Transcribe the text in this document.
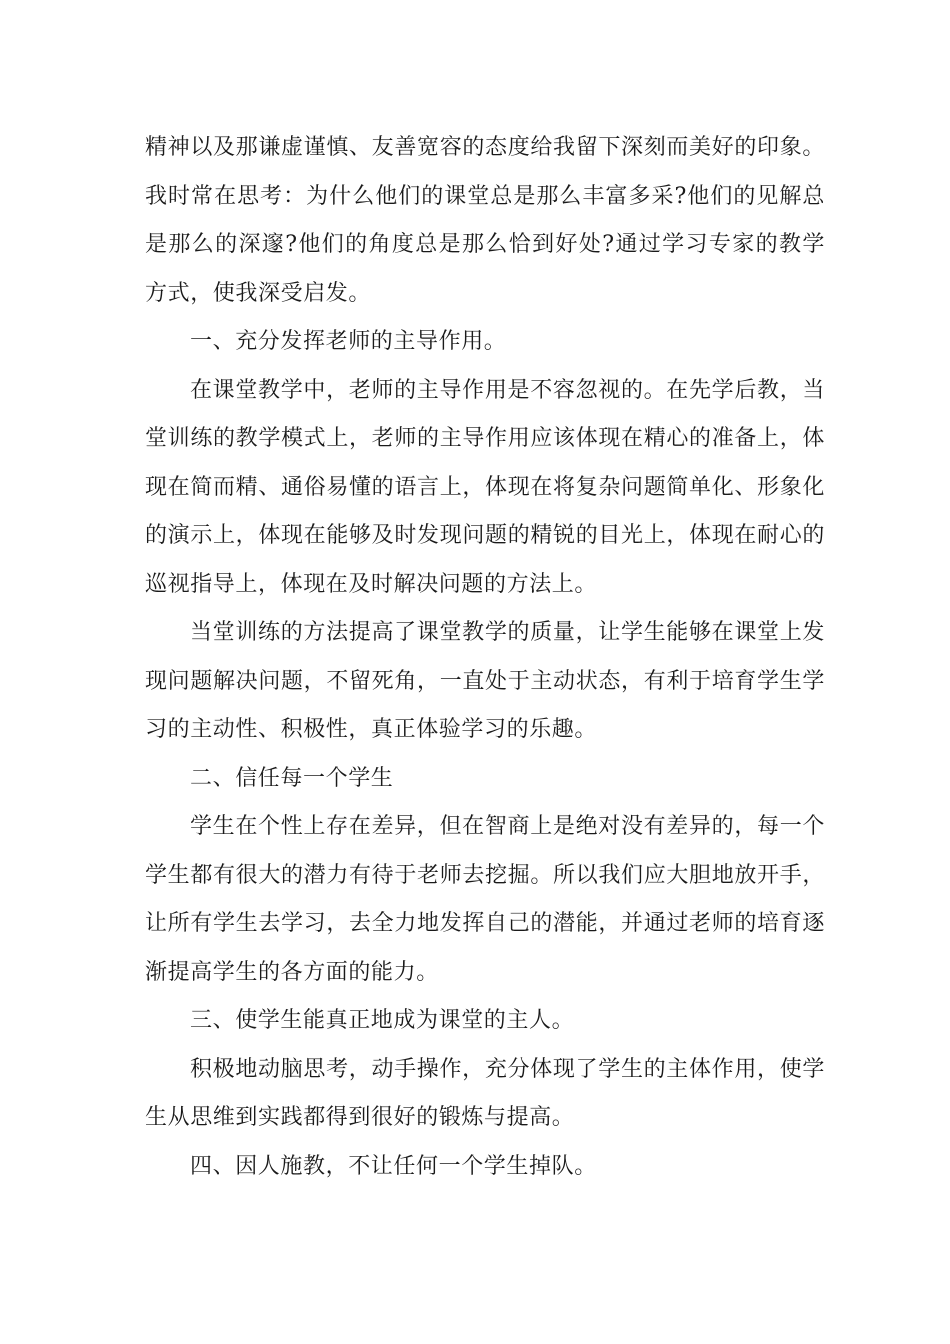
精神以及那谦虚谨慎、友善宽容的态度给我留下深刻而美好的印象。我时常在思考：为什么他们的课堂总是那么丰富多采?他们的见解总是那么的深邃?他们的角度总是那么恰到好处?通过学习专家的教学方式，使我深受启发。

一、充分发挥老师的主导作用。

在课堂教学中，老师的主导作用是不容忽视的。在先学后教，当堂训练的教学模式上，老师的主导作用应该体现在精心的准备上，体现在简而精、通俗易懂的语言上，体现在将复杂问题简单化、形象化的演示上，体现在能够及时发现问题的精锐的目光上，体现在耐心的巡视指导上，体现在及时解决问题的方法上。

当堂训练的方法提高了课堂教学的质量，让学生能够在课堂上发现问题解决问题，不留死角，一直处于主动状态，有利于培育学生学习的主动性、积极性，真正体验学习的乐趣。

二、信任每一个学生

学生在个性上存在差异，但在智商上是绝对没有差异的，每一个学生都有很大的潜力有待于老师去挖掘。所以我们应大胆地放开手，让所有学生去学习，去全力地发挥自己的潜能，并通过老师的培育逐渐提高学生的各方面的能力。

三、使学生能真正地成为课堂的主人。

积极地动脑思考，动手操作，充分体现了学生的主体作用，使学生从思维到实践都得到很好的锻炼与提高。

四、因人施教，不让任何一个学生掉队。
